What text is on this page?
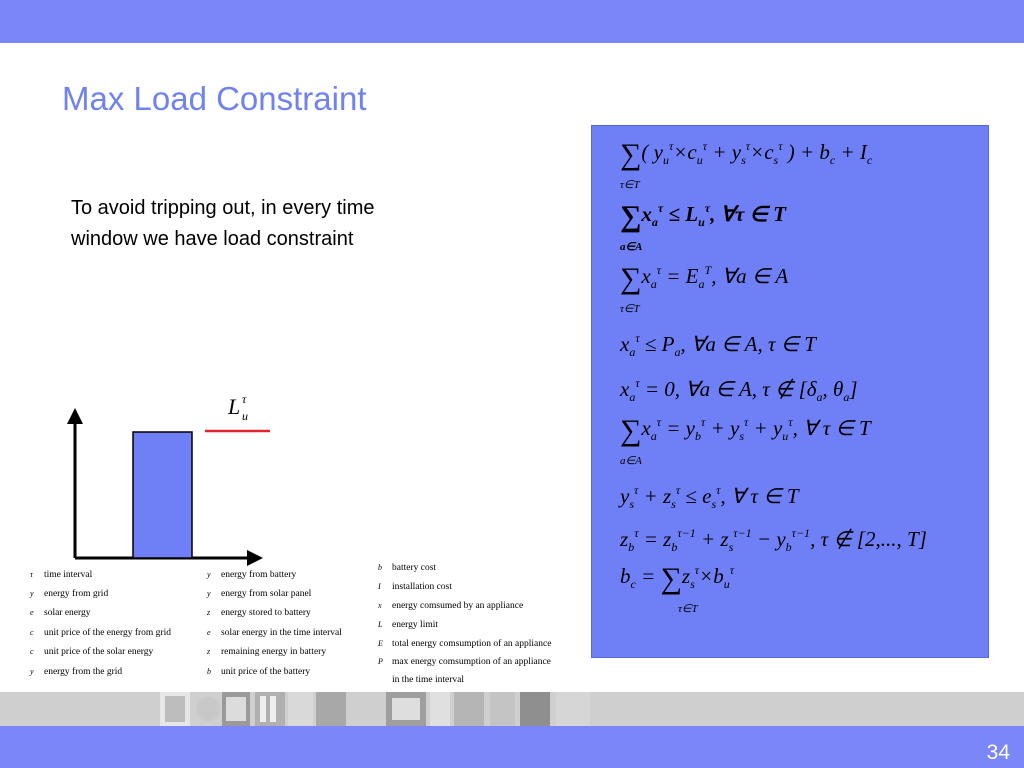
Max Load Constraint
To avoid tripping out, in every time window we have load constraint
L u
τ
∑( $y_u^\tau\times c_u^\tau + y_s^\tau\times c_s^\tau$ ) + $b_c + I_c$
τ∈T
$\sum x_a^\tau \le L_u^\tau$, ∀τ ∈ T
a∈A
$\sum x_a^\tau = E_a^T$, ∀a ∈ A
τ∈T
$x_a^\tau \le P_a$, ∀a ∈ A, τ ∈ T
$x_a^\tau = 0$, ∀a ∈ A, τ ∉ [$\delta_a$, $\theta_a$]
$\sum x_a^\tau = y_b^\tau + y_s^\tau + y_u^\tau$, ∀ τ ∈ T
a∈A
$y_s^\tau + z_s^\tau \le e_s^\tau$, ∀ τ ∈ T
$z_b^\tau = z_b^{\tau-1} + z_s^{\tau-1} - y_b^{\tau-1}$, τ ∉ [2,..., T]
$b_c = \sum z_s^\tau\times b_u^\tau$
τ∈T
τ time interval
y energy from grid
e solar energy
c unit price of the energy from grid
c unit price of the solar energy
y energy from the grid
y energy from battery
y energy from solar panel
z energy stored to battery
e solar energy in the time interval
z remaining energy in battery
b unit price of the battery
b battery cost
I installation cost
x energy comsumed by an appliance
L energy limit
E total energy comsumption of an appliance
P max energy comsumption of an appliance
in the time interval
34
